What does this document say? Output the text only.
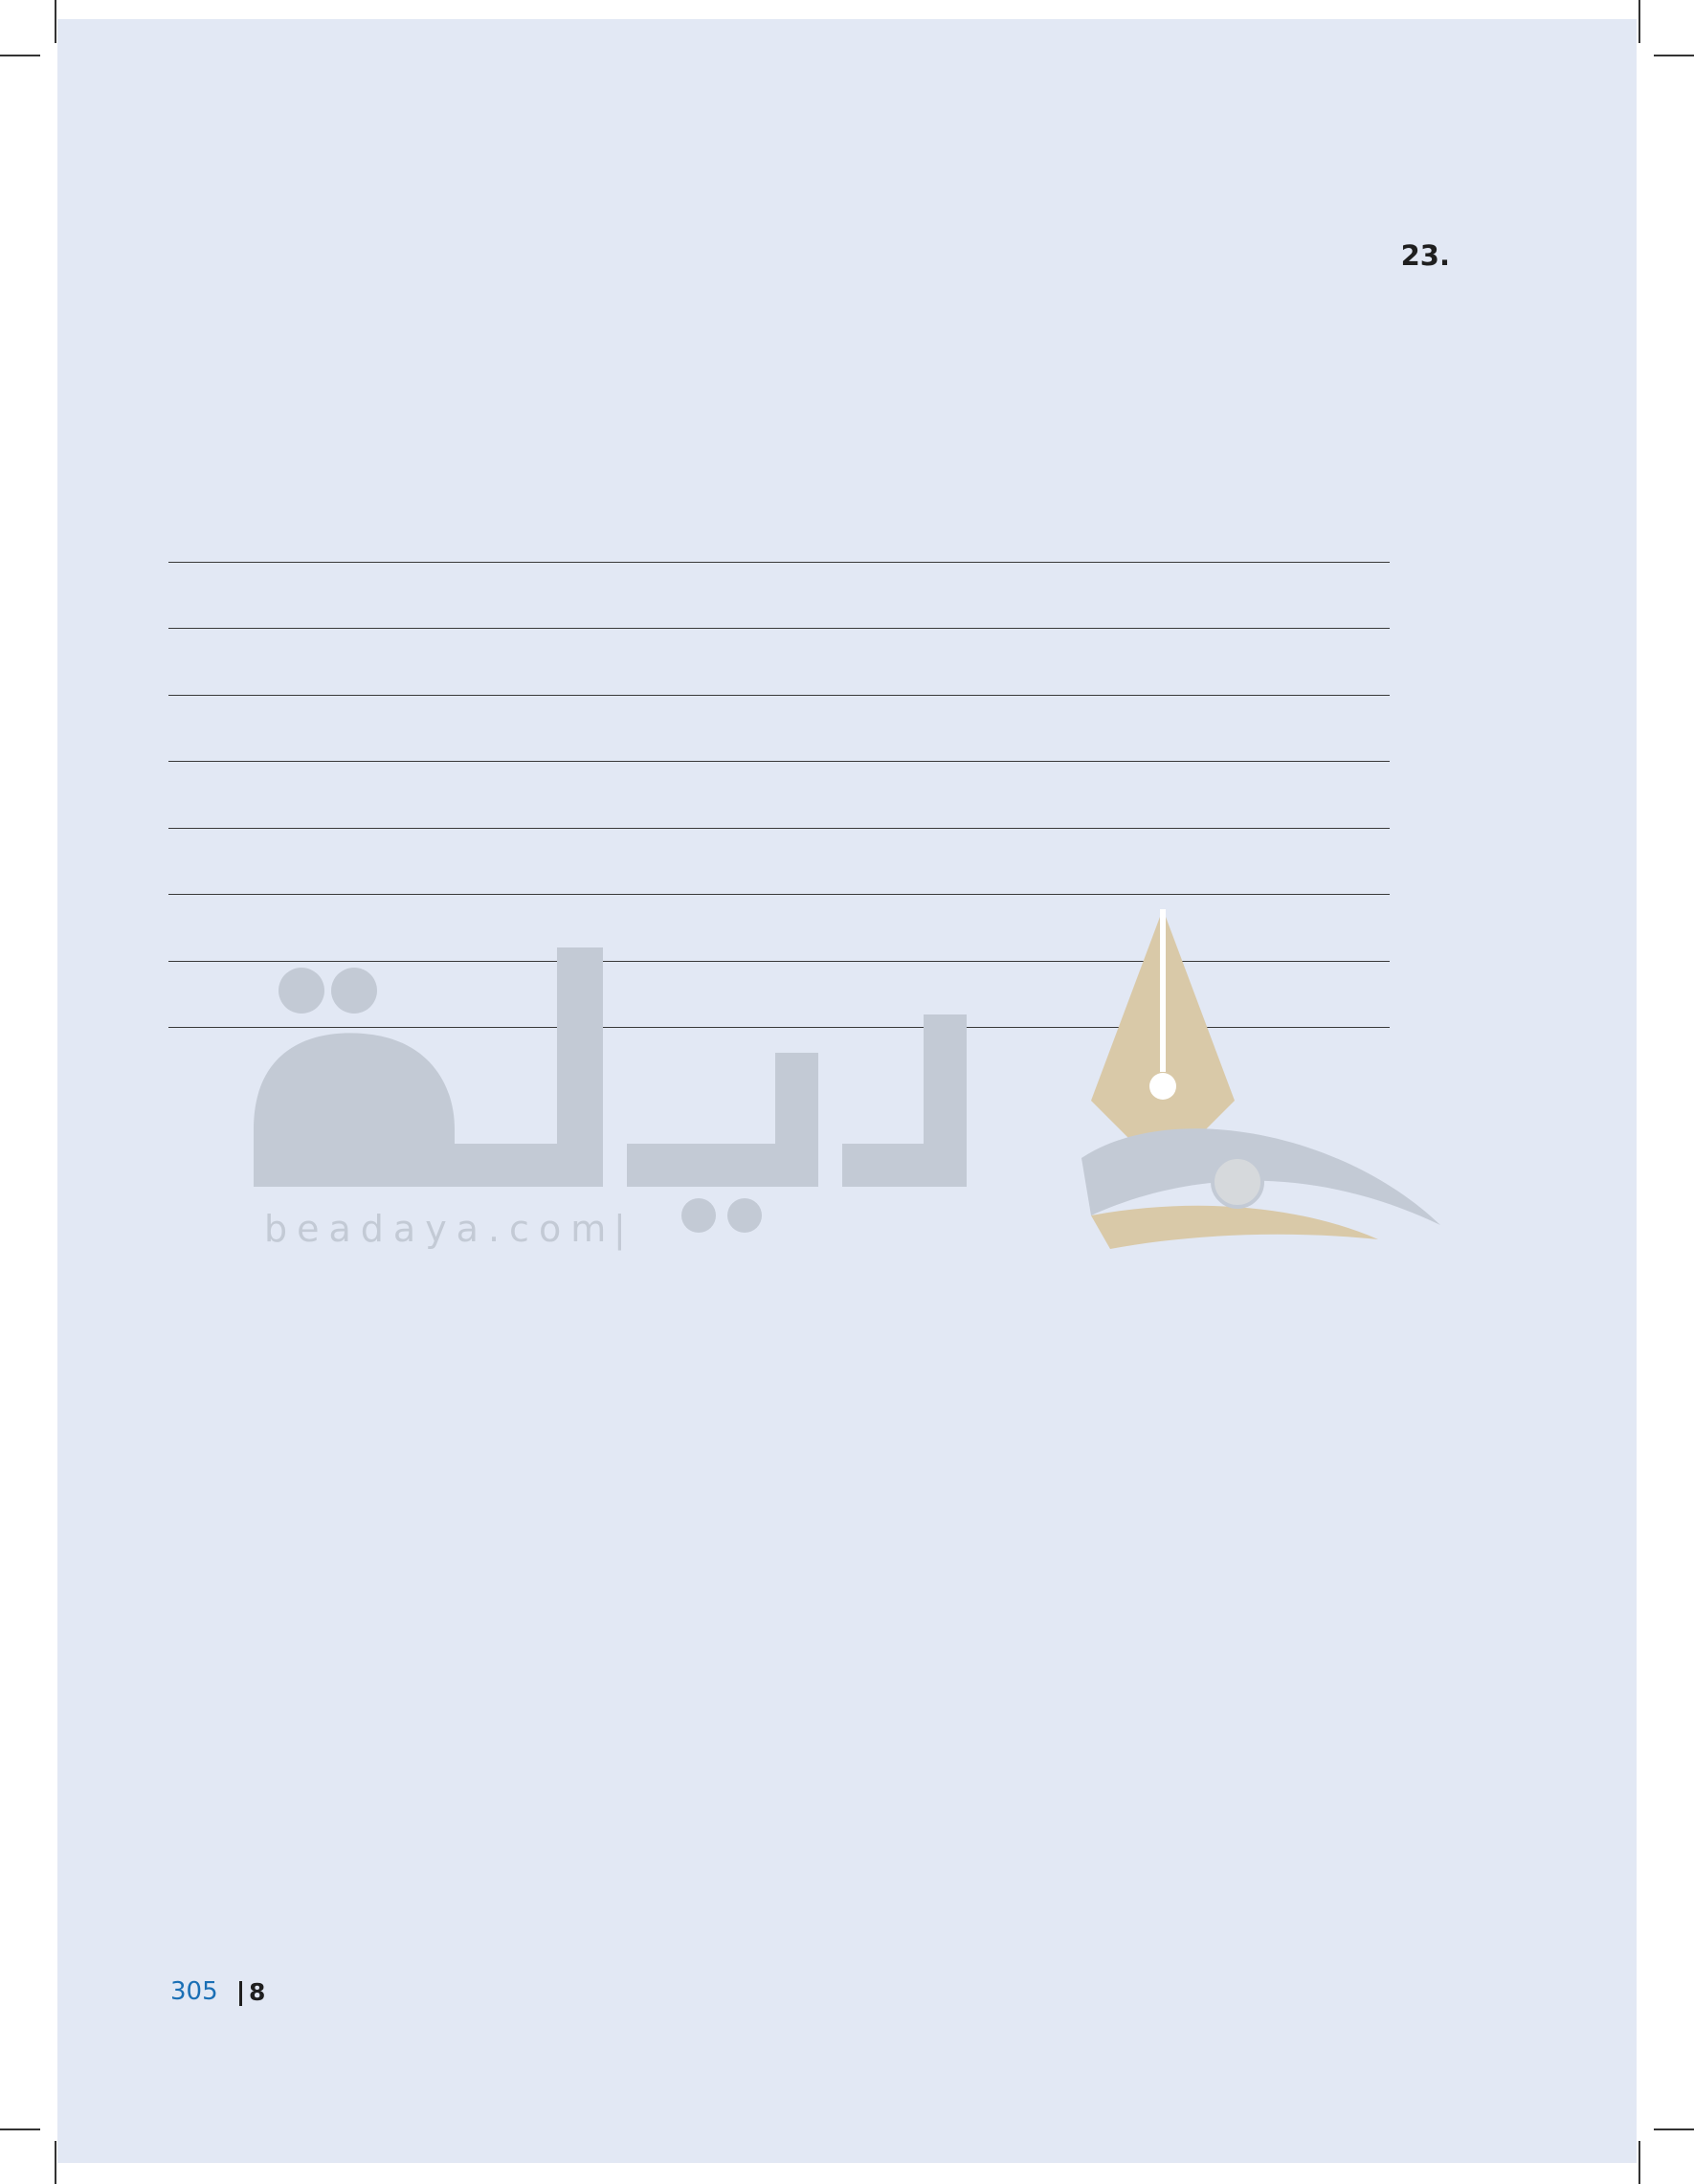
23.
beadaya.com
|
305 8
